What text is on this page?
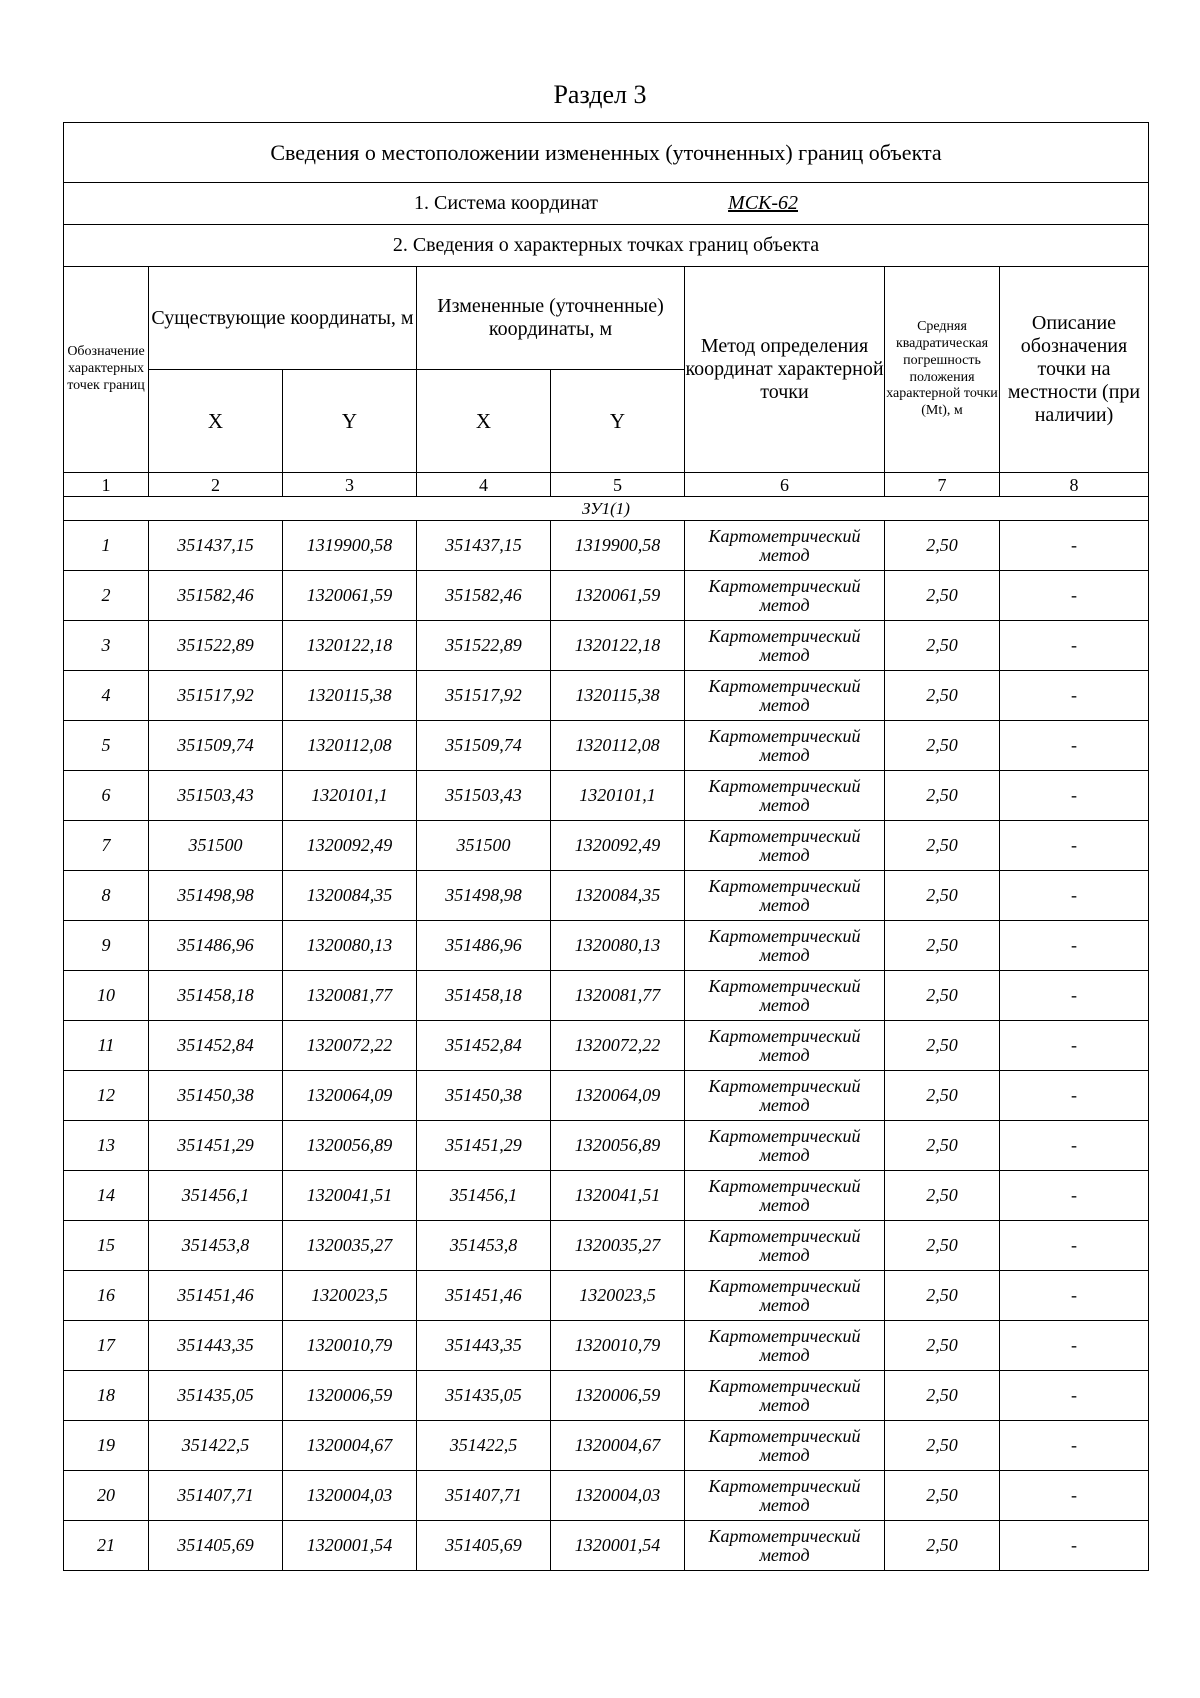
Раздел 3
Сведения о местоположении измененных (уточненных) границ объекта							
1. Система координат МСК-62							
2. Сведения о характерных точках границ объекта							
Обозначение характерных точек границ	Существующие координаты, м		Измененные (уточненные) координаты, м		Метод определения координат характерной точки	Средняя квадратическая погрешность положения характерной точки (Mt), м	Описание обозначения точки на местности (при наличии)
	X	Y	X	Y			
1	2	3	4	5	6	7	8
ЗУ1(1)							
1	351437,15	1319900,58	351437,15	1319900,58	Картометрический метод	2,50	-
2	351582,46	1320061,59	351582,46	1320061,59	Картометрический метод	2,50	-
3	351522,89	1320122,18	351522,89	1320122,18	Картометрический метод	2,50	-
4	351517,92	1320115,38	351517,92	1320115,38	Картометрический метод	2,50	-
5	351509,74	1320112,08	351509,74	1320112,08	Картометрический метод	2,50	-
6	351503,43	1320101,1	351503,43	1320101,1	Картометрический метод	2,50	-
7	351500	1320092,49	351500	1320092,49	Картометрический метод	2,50	-
8	351498,98	1320084,35	351498,98	1320084,35	Картометрический метод	2,50	-
9	351486,96	1320080,13	351486,96	1320080,13	Картометрический метод	2,50	-
10	351458,18	1320081,77	351458,18	1320081,77	Картометрический метод	2,50	-
11	351452,84	1320072,22	351452,84	1320072,22	Картометрический метод	2,50	-
12	351450,38	1320064,09	351450,38	1320064,09	Картометрический метод	2,50	-
13	351451,29	1320056,89	351451,29	1320056,89	Картометрический метод	2,50	-
14	351456,1	1320041,51	351456,1	1320041,51	Картометрический метод	2,50	-
15	351453,8	1320035,27	351453,8	1320035,27	Картометрический метод	2,50	-
16	351451,46	1320023,5	351451,46	1320023,5	Картометрический метод	2,50	-
17	351443,35	1320010,79	351443,35	1320010,79	Картометрический метод	2,50	-
18	351435,05	1320006,59	351435,05	1320006,59	Картометрический метод	2,50	-
19	351422,5	1320004,67	351422,5	1320004,67	Картометрический метод	2,50	-
20	351407,71	1320004,03	351407,71	1320004,03	Картометрический метод	2,50	-
21	351405,69	1320001,54	351405,69	1320001,54	Картометрический метод	2,50	-
